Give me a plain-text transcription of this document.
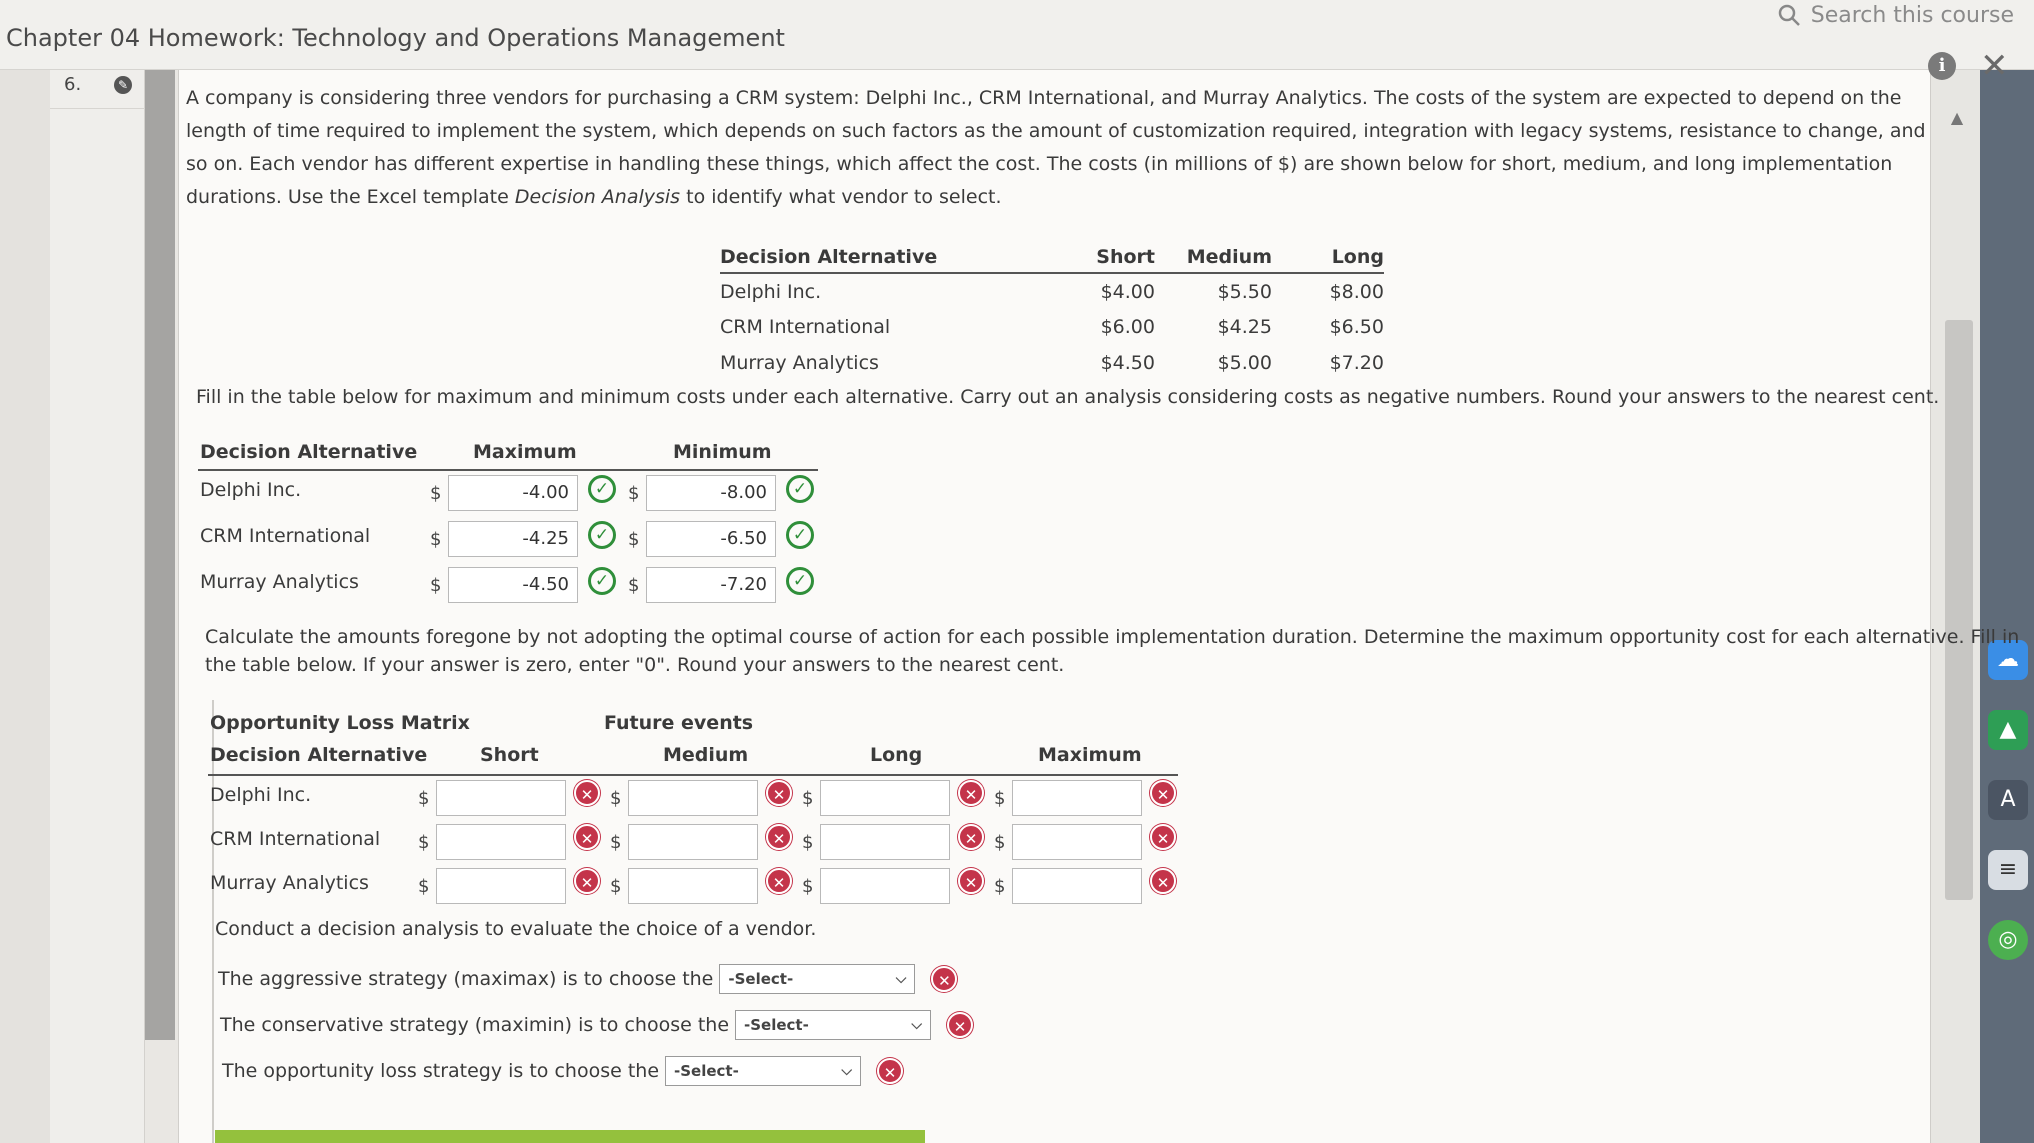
Chapter 04 Homework: Technology and Operations Management
Search this course
6.	✎
▲
☁
▲
A
≡
◎
i	✕
A company is considering three vendors for purchasing a CRM system: Delphi Inc., CRM International, and Murray Analytics. The costs of the system are expected to depend on the length of time required to implement the system, which depends on such factors as the amount of customization required, integration with legacy systems, resistance to change, and so on. Each vendor has different expertise in handling these things, which affect the cost. The costs (in millions of $) are shown below for short, medium, and long implementation durations. Use the Excel template Decision Analysis to identify what vendor to select.
Decision Alternative	Short	Medium	Long
Delphi Inc.	$4.00	$5.50	$8.00
CRM International	$6.00	$4.25	$6.50
Murray Analytics	$4.50	$5.00	$7.20
Fill in the table below for maximum and minimum costs under each alternative. Carry out an analysis considering costs as negative numbers. Round your answers to the nearest cent.
Decision Alternative	Maximum	Minimum
Delphi Inc.	$	-4.00	✓	$	-8.00	✓
CRM International	$	-4.25	✓	$	-6.50	✓
Murray Analytics	$	-4.50	✓	$	-7.20	✓
Calculate the amounts foregone by not adopting the optimal course of action for each possible implementation duration. Determine the maximum opportunity cost for each alternative. Fill in
the table below. If your answer is zero, enter "0". Round your answers to the nearest cent.
Opportunity Loss Matrix	Future events
Decision Alternative	Short	Medium	Long	Maximum
Delphi Inc.	$	✕ $	✕ $	✕ $	✕
CRM International $	✕ $	✕ $	✕ $	✕
Murray Analytics	$	✕ $	✕ $	✕ $	✕
Conduct a decision analysis to evaluate the choice of a vendor.
The aggressive strategy (maximax) is to choose the -Select-	⌵	✕
The conservative strategy (maximin) is to choose the -Select-	⌵	✕
The opportunity loss strategy is to choose the -Select-	⌵	✕
